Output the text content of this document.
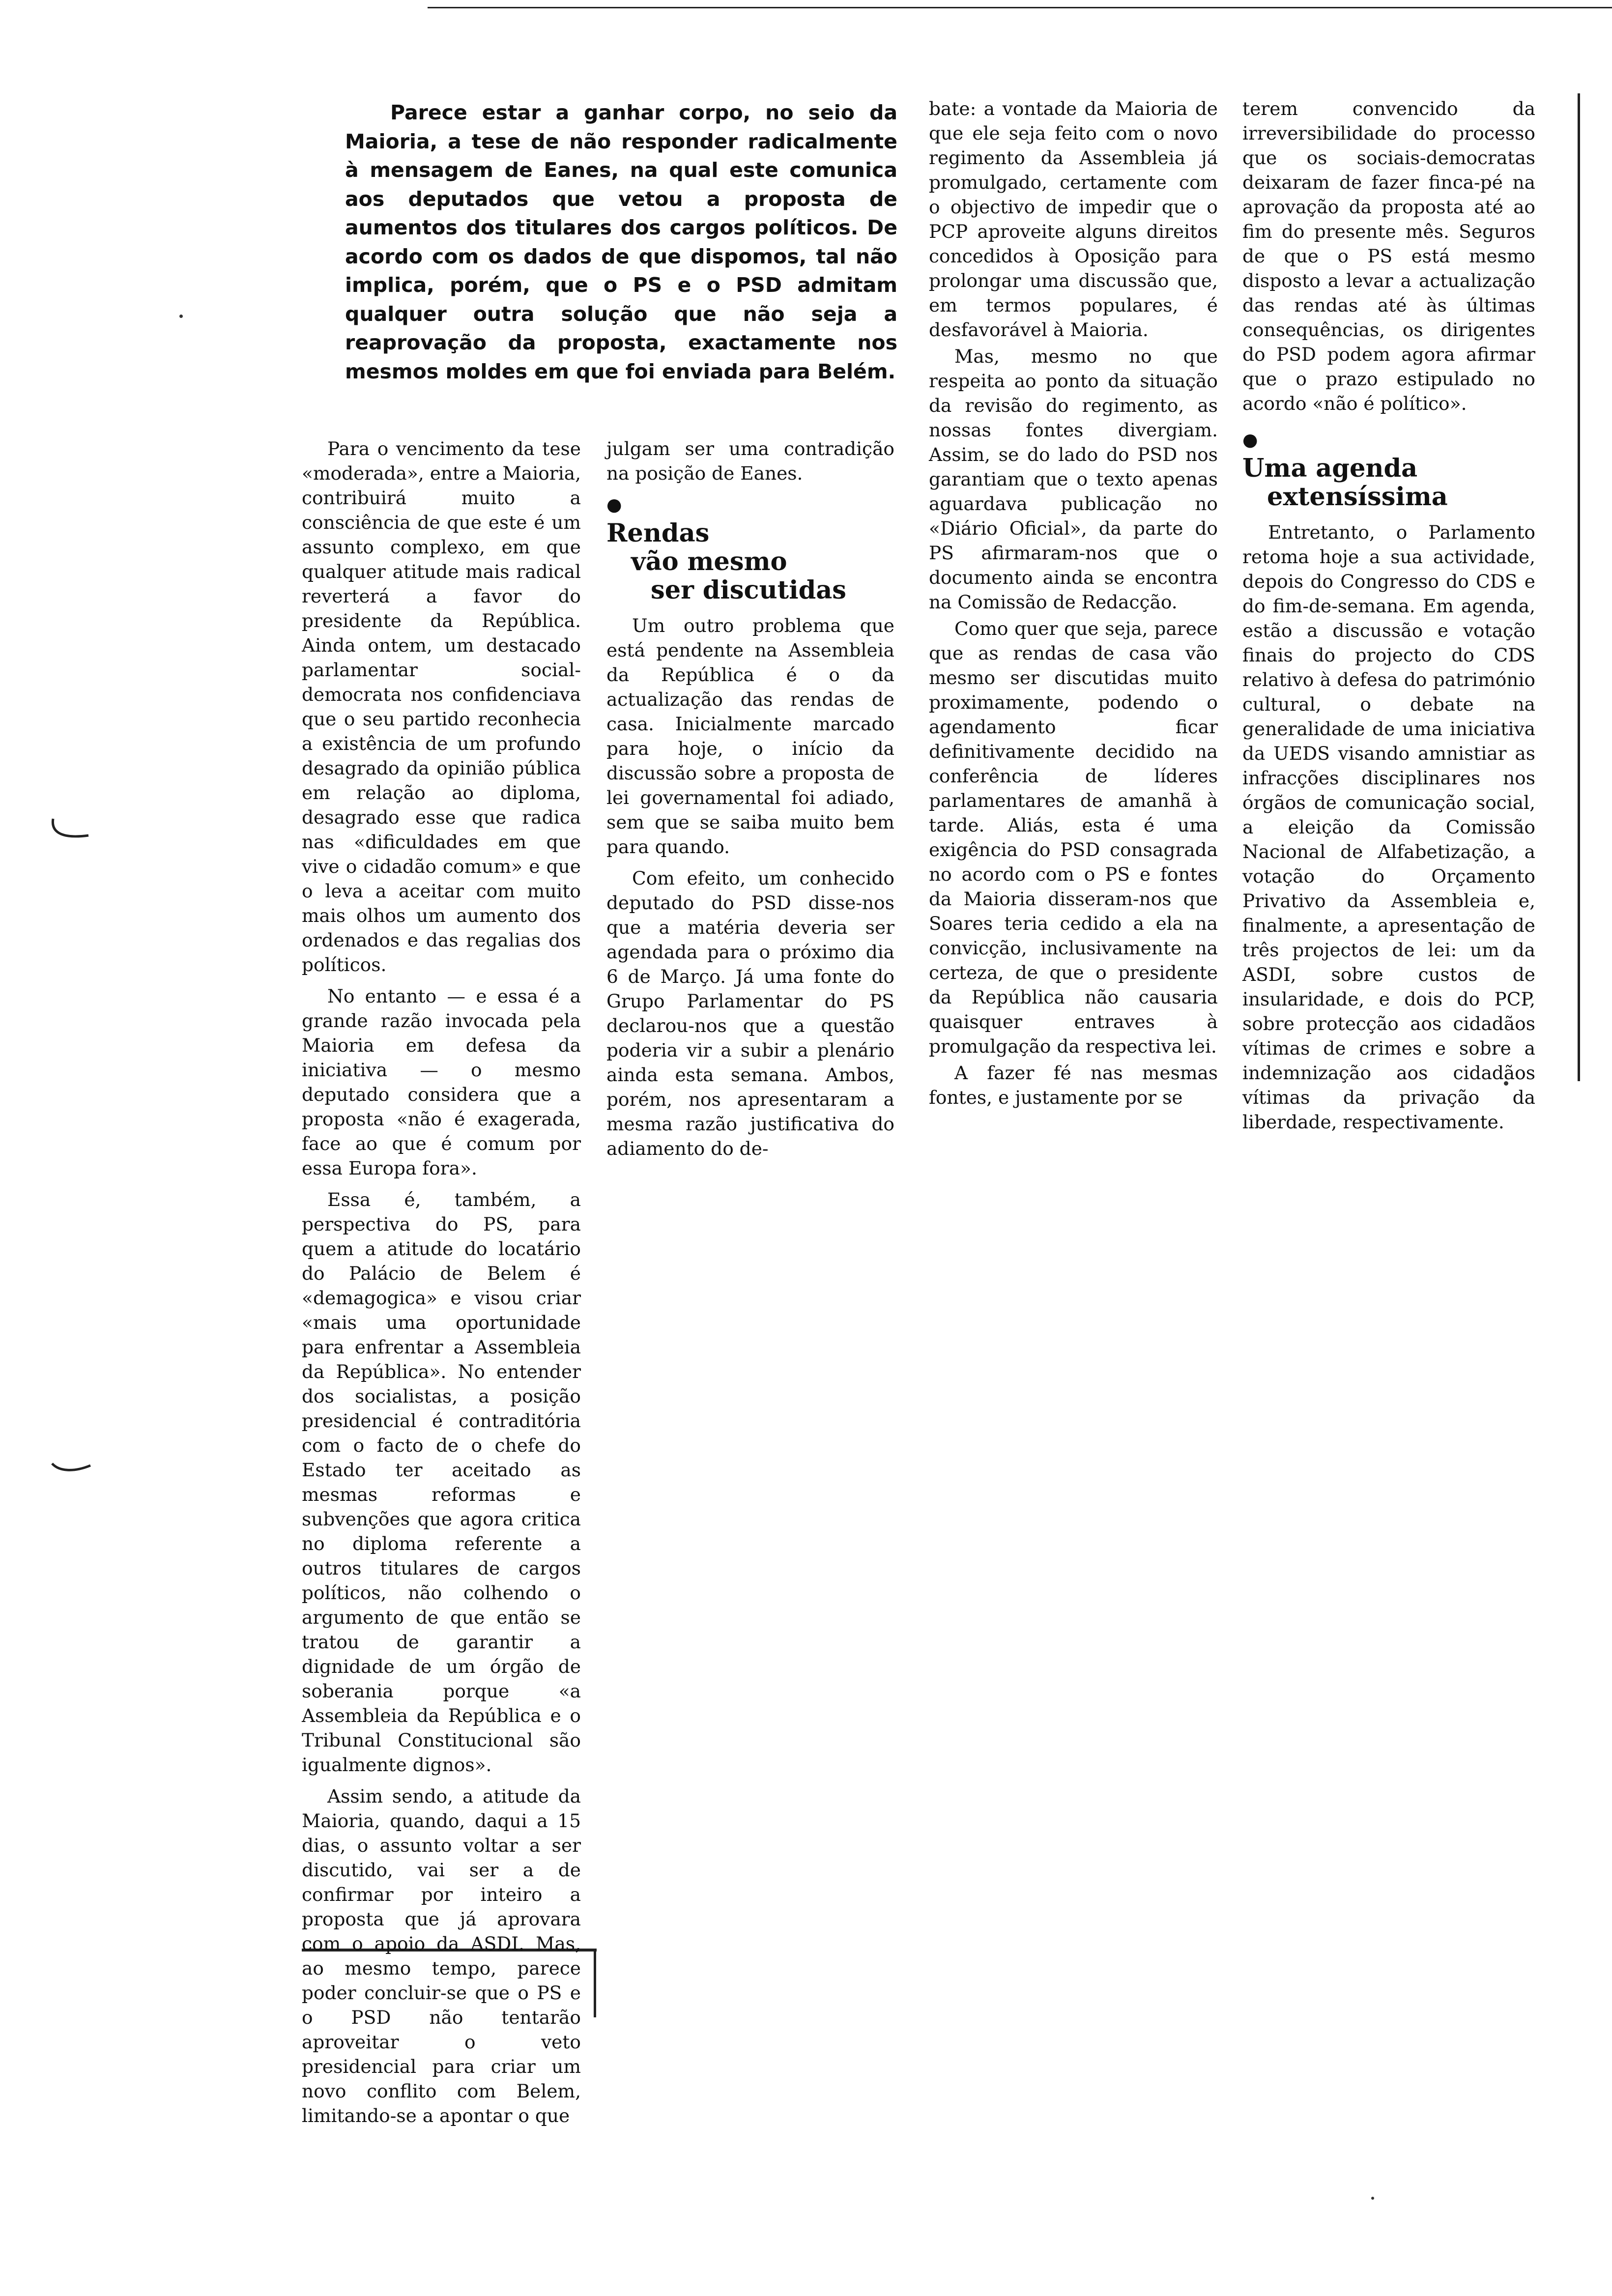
Parece estar a ganhar corpo, no seio da Maioria, a tese de não responder radicalmente à mensagem de Eanes, na qual este comunica aos deputados que vetou a proposta de aumentos dos titulares dos cargos políticos. De acordo com os dados de que dispomos, tal não implica, porém, que o PS e o PSD admitam qualquer outra solução que não seja a reaprovação da proposta, exactamente nos mesmos moldes em que foi enviada para Belém.

Para o vencimento da tese «moderada», entre a Maioria, contribuirá muito a consciência de que este é um assunto complexo, em que qualquer atitude mais radical reverterá a favor do presidente da República. Ainda ontem, um destacado parlamentar social-democrata nos confidenciava que o seu partido reconhecia a existência de um profundo desagrado da opinião pública em relação ao diploma, desagrado esse que radica nas «dificuldades em que vive o cidadão comum» e que o leva a aceitar com muito mais olhos um aumento dos ordenados e das regalias dos políticos.

No entanto — e essa é a grande razão invocada pela Maioria em defesa da iniciativa — o mesmo deputado considera que a proposta «não é exagerada, face ao que é comum por essa Europa fora».

Essa é, também, a perspectiva do PS, para quem a atitude do locatário do Palácio de Belem é «demagogica» e visou criar «mais uma oportunidade para enfrentar a Assembleia da República». No entender dos socialistas, a posição presidencial é contraditória com o facto de o chefe do Estado ter aceitado as mesmas reformas e subvenções que agora critica no diploma referente a outros titulares de cargos políticos, não colhendo o argumento de que então se tratou de garantir a dignidade de um órgão de soberania porque «a Assembleia da República e o Tribunal Constitucional são igualmente dignos».

Assim sendo, a atitude da Maioria, quando, daqui a 15 dias, o assunto voltar a ser discutido, vai ser a de confirmar por inteiro a proposta que já aprovara com o apoio da ASDI. Mas, ao mesmo tempo, parece poder concluir-se que o PS e o PSD não tentarão aproveitar o veto presidencial para criar um novo conflito com Belem, limitando-se a apontar o que

julgam ser uma contradição na posição de Eanes.

●
Rendas
vão mesmo
ser discutidas

Um outro problema que está pendente na Assembleia da República é o da actualização das rendas de casa. Inicialmente marcado para hoje, o início da discussão sobre a proposta de lei governamental foi adiado, sem que se saiba muito bem para quando.

Com efeito, um conhecido deputado do PSD disse-nos que a matéria deveria ser agendada para o próximo dia 6 de Março. Já uma fonte do Grupo Parlamentar do PS declarou-nos que a questão poderia vir a subir a plenário ainda esta semana. Ambos, porém, nos apresentaram a mesma razão justificativa do adiamento do de-

bate: a vontade da Maioria de que ele seja feito com o novo regimento da Assembleia já promulgado, certamente com o objectivo de impedir que o PCP aproveite alguns direitos concedidos à Oposição para prolongar uma discussão que, em termos populares, é desfavorável à Maioria.

Mas, mesmo no que respeita ao ponto da situação da revisão do regimento, as nossas fontes divergiam. Assim, se do lado do PSD nos garantiam que o texto apenas aguardava publicação no «Diário Oficial», da parte do PS afirmaram-nos que o documento ainda se encontra na Comissão de Redacção.

Como quer que seja, parece que as rendas de casa vão mesmo ser discutidas muito proximamente, podendo o agendamento ficar definitivamente decidido na conferência de líderes parlamentares de amanhã à tarde. Aliás, esta é uma exigência do PSD consagrada no acordo com o PS e fontes da Maioria disseram-nos que Soares teria cedido a ela na convicção, inclusivamente na certeza, de que o presidente da República não causaria quaisquer entraves à promulgação da respectiva lei.

A fazer fé nas mesmas fontes, e justamente por se

terem convencido da irreversibilidade do processo que os sociais-democratas deixaram de fazer finca-pé na aprovação da proposta até ao fim do presente mês. Seguros de que o PS está mesmo disposto a levar a actualização das rendas até às últimas consequências, os dirigentes do PSD podem agora afirmar que o prazo estipulado no acordo «não é político».

●
Uma agenda
extensíssima

Entretanto, o Parlamento retoma hoje a sua actividade, depois do Congresso do CDS e do fim-de-semana. Em agenda, estão a discussão e votação finais do projecto do CDS relativo à defesa do património cultural, o debate na generalidade de uma iniciativa da UEDS visando amnistiar as infracções disciplinares nos órgãos de comunicação social, a eleição da Comissão Nacional de Alfabetização, a votação do Orçamento Privativo da Assembleia e, finalmente, a apresentação de três projectos de lei: um da ASDI, sobre custos de insularidade, e dois do PCP, sobre protecção aos cidadãos vítimas de crimes e sobre a indemnização aos cidadãos vítimas da privação da liberdade, respectivamente.
